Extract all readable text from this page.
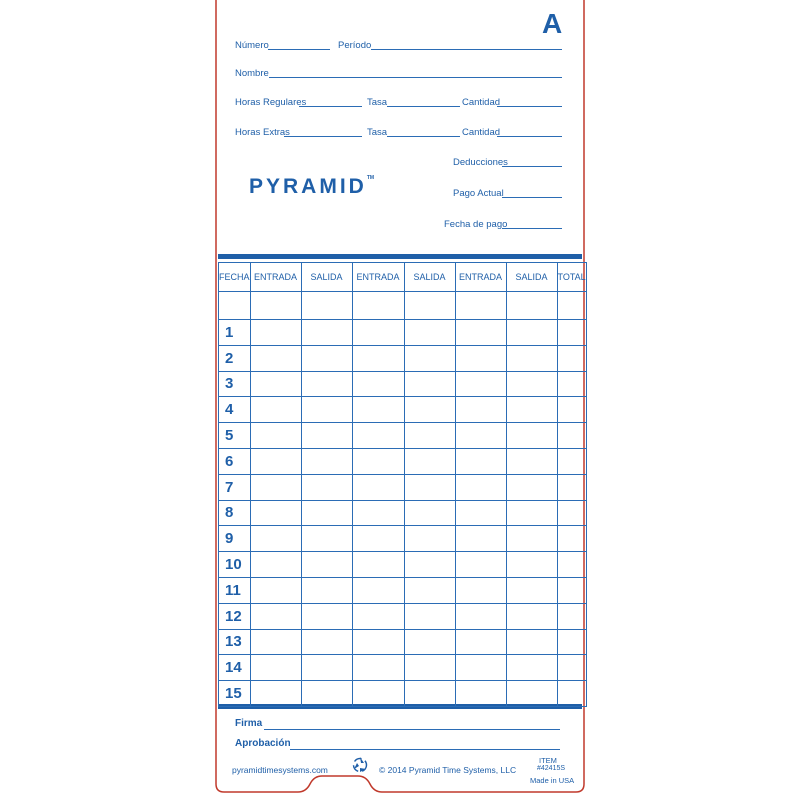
A
Número	Período
Nombre
Horas Regulares	Tasa	Cantidad
Horas Extras	Tasa	Cantidad
Deducciones
Pago Actual
Fecha de pago
PYRAMID™
FECHA	ENTRADA	SALIDA	ENTRADA	SALIDA	ENTRADA	SALIDA	TOTAL

1							
2							
3							
4							
5							
6							
7							
8							
9							
10							
11							
12							
13							
14							
15							
Firma
Aprobación
pyramidtimesystems.com	© 2014 Pyramid Time Systems, LLC
ITEM
#42415S
Made in USA
